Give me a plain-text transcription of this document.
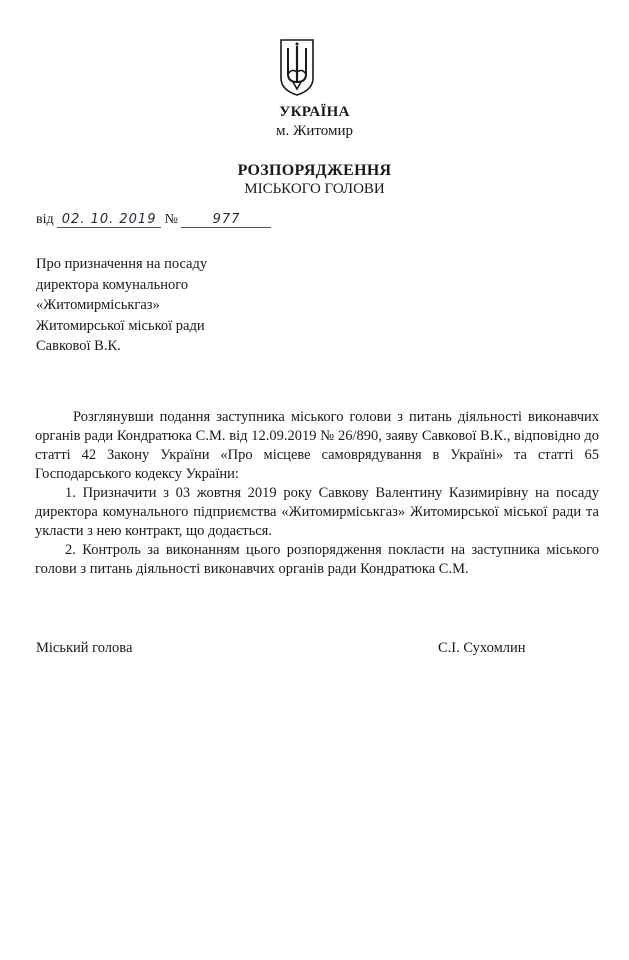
УКРАЇНА
м. Житомир
РОЗПОРЯДЖЕННЯ
МІСЬКОГО ГОЛОВИ
від 02. 10. 2019 №	977
Про призначення на посаду
директора комунального
«Житомирміськгаз»
Житомирської міської ради
Савкової В.К.

Розглянувши подання заступника міського голови з питань діяльності виконавчих органів ради Кондратюка С.М. від 12.09.2019 № 26/890, заяву Савкової В.К., відповідно до статті 42 Закону України «Про місцеве самоврядування в Україні» та статті 65 Господарського кодексу України:

1. Призначити з 03 жовтня 2019 року Савкову Валентину Казимирівну на посаду директора комунального підприємства «Житомирміськгаз» Житомирської міської ради та укласти з нею контракт, що додається.

2. Контроль за виконанням цього розпорядження покласти на заступника міського голови з питань діяльності виконавчих органів ради Кондратюка С.М.

Міський голова	С.І. Сухомлин
